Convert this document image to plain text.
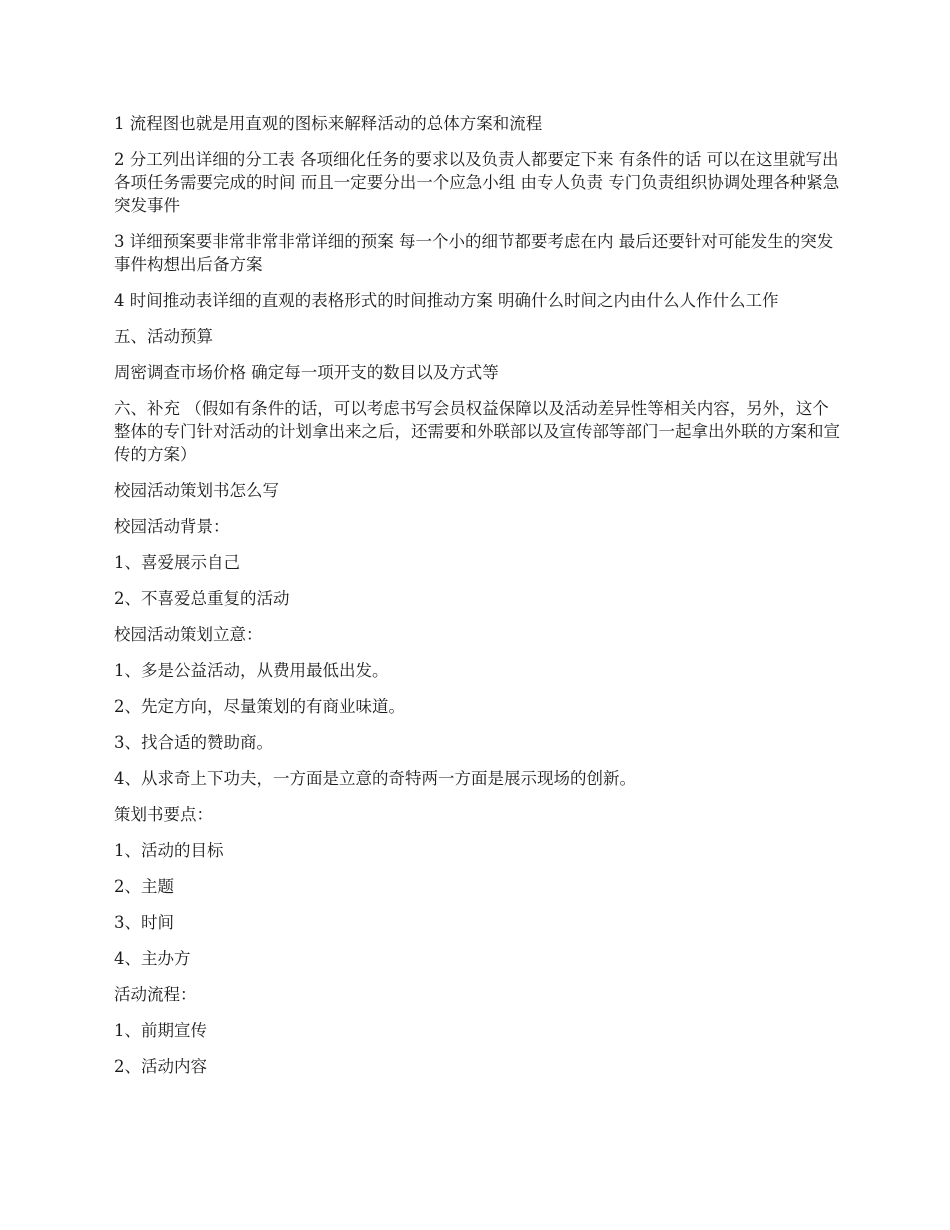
1 流程图也就是用直观的图标来解释活动的总体方案和流程

2 分工列出详细的分工表 各项细化任务的要求以及负责人都要定下来 有条件的话 可以在这里就写出各项任务需要完成的时间 而且一定要分出一个应急小组 由专人负责 专门负责组织协调处理各种紧急突发事件

3 详细预案要非常非常非常详细的预案 每一个小的细节都要考虑在内 最后还要针对可能发生的突发事件构想出后备方案

4 时间推动表详细的直观的表格形式的时间推动方案 明确什么时间之内由什么人作什么工作

五、活动预算

周密调查市场价格 确定每一项开支的数目以及方式等

六、补充 （假如有条件的话，可以考虑书写会员权益保障以及活动差异性等相关内容，另外，这个整体的专门针对活动的计划拿出来之后，还需要和外联部以及宣传部等部门一起拿出外联的方案和宣传的方案）

校园活动策划书怎么写

校园活动背景：

1、喜爱展示自己

2、不喜爱总重复的活动

校园活动策划立意：

1、多是公益活动，从费用最低出发。

2、先定方向，尽量策划的有商业味道。

3、找合适的赞助商。

4、从求奇上下功夫，一方面是立意的奇特两一方面是展示现场的创新。

策划书要点：

1、活动的目标

2、主题

3、时间

4、主办方

活动流程：

1、前期宣传

2、活动内容
